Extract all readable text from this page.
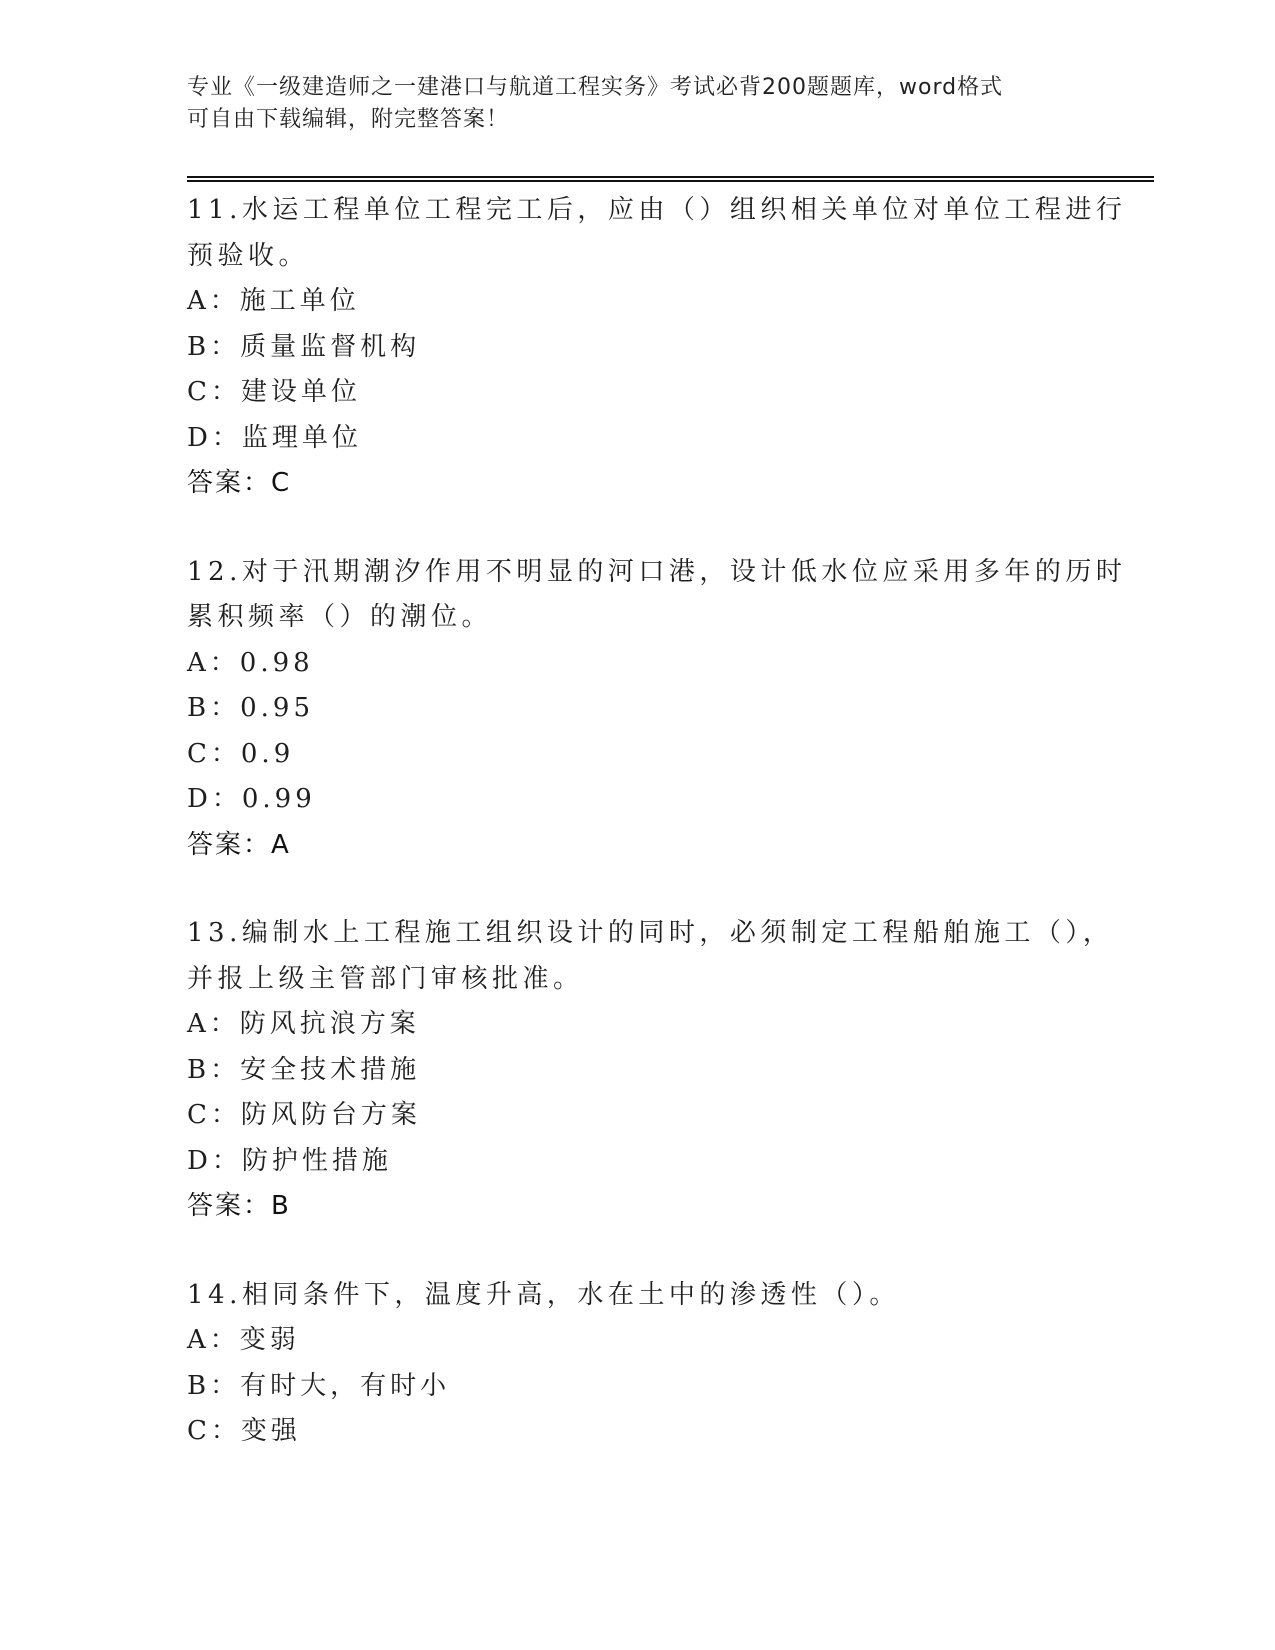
专业《一级建造师之一建港口与航道工程实务》考试必背200题题库，word格式
可自由下载编辑，附完整答案！
11.水运工程单位工程完工后，应由（）组织相关单位对单位工程进行
预验收。
A：施工单位
B：质量监督机构
C：建设单位
D：监理单位
答案：C
12.对于汛期潮汐作用不明显的河口港，设计低水位应采用多年的历时
累积频率（）的潮位。
A：0.98
B：0.95
C：0.9
D：0.99
答案：A
13.编制水上工程施工组织设计的同时，必须制定工程船舶施工（），
并报上级主管部门审核批准。
A：防风抗浪方案
B：安全技术措施
C：防风防台方案
D：防护性措施
答案：B
14.相同条件下，温度升高，水在土中的渗透性（）。
A：变弱
B：有时大，有时小
C：变强
